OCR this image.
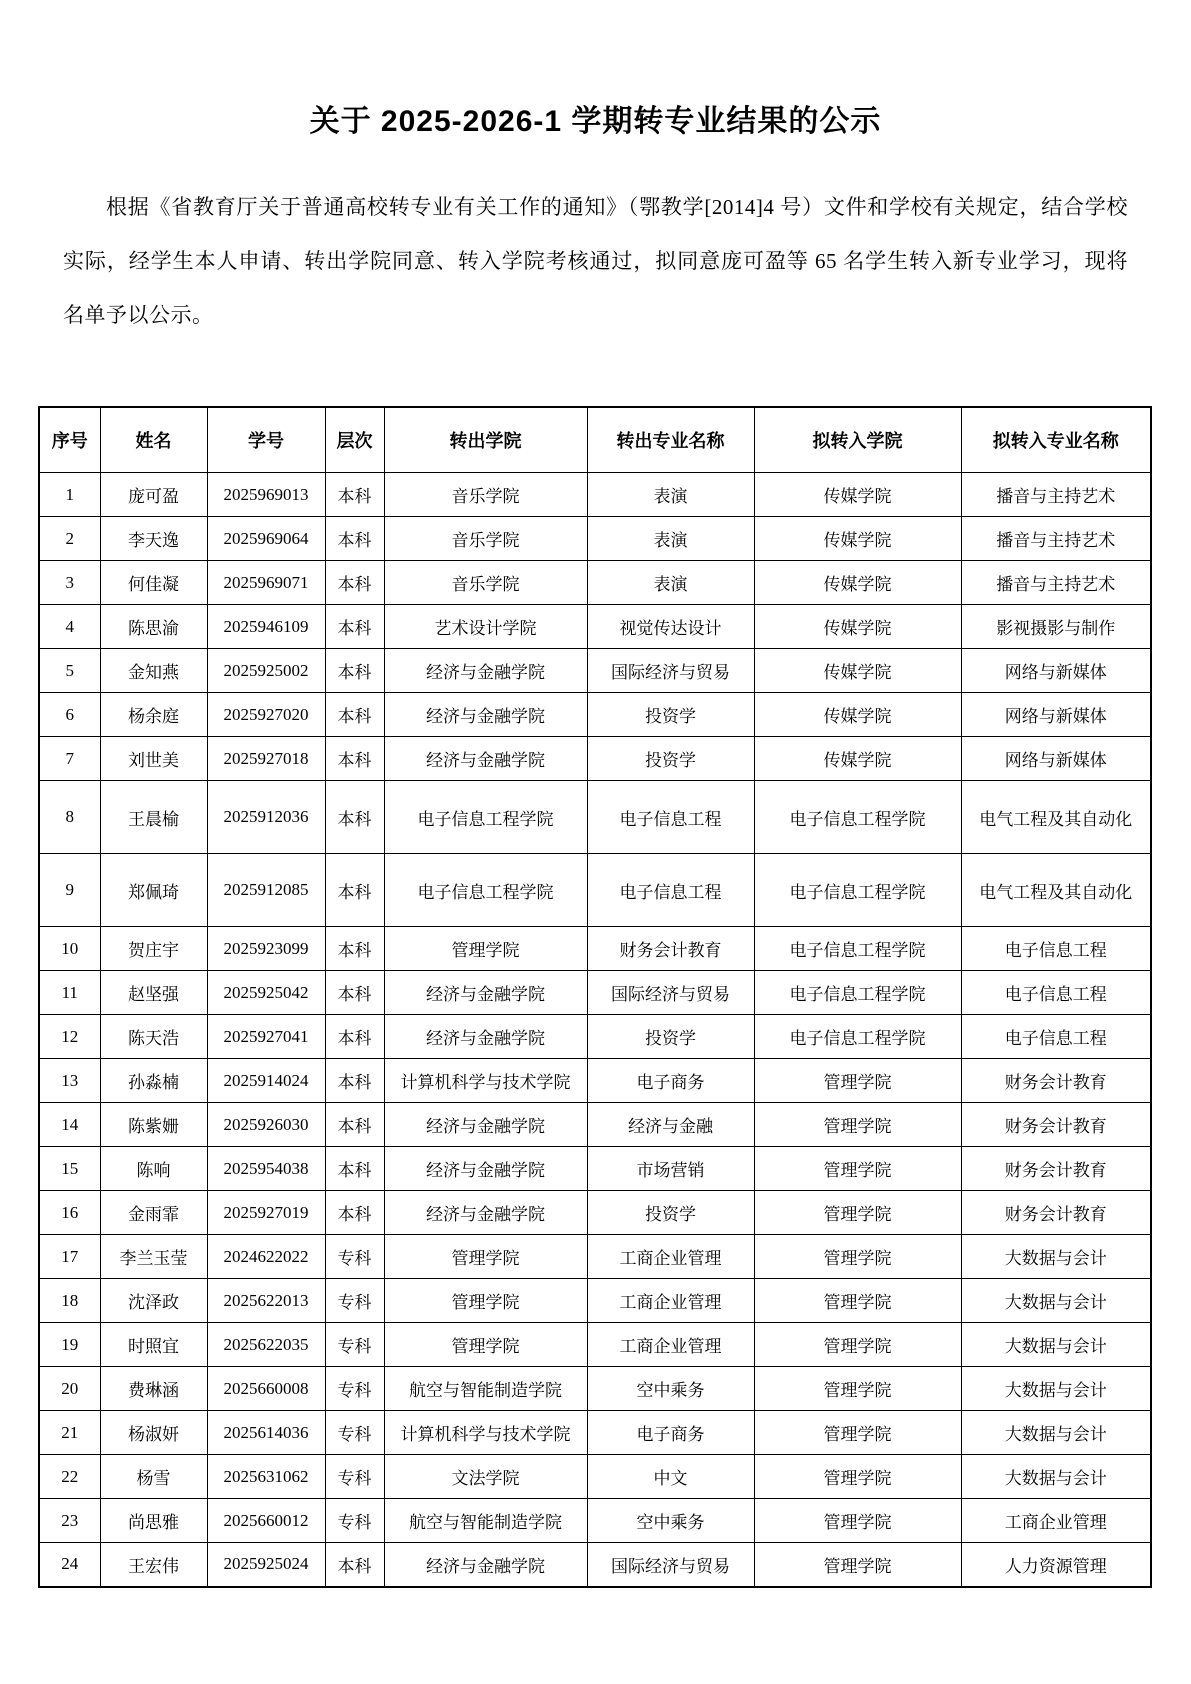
关于 2025-2026-1 学期转专业结果的公示

根据《省教育厅关于普通高校转专业有关工作的通知》（鄂教学[2014]4 号）文件和学校有关规定，结合学校实际，经学生本人申请、转出学院同意、转入学院考核通过，拟同意庞可盈等 65 名学生转入新专业学习，现将名单予以公示。

序号	姓名	学号	层次	转出学院	转出专业名称	拟转入学院	拟转入专业名称
1	庞可盈	2025969013	本科	音乐学院	表演	传媒学院	播音与主持艺术
2	李天逸	2025969064	本科	音乐学院	表演	传媒学院	播音与主持艺术
3	何佳凝	2025969071	本科	音乐学院	表演	传媒学院	播音与主持艺术
4	陈思渝	2025946109	本科	艺术设计学院	视觉传达设计	传媒学院	影视摄影与制作
5	金知燕	2025925002	本科	经济与金融学院	国际经济与贸易	传媒学院	网络与新媒体
6	杨余庭	2025927020	本科	经济与金融学院	投资学	传媒学院	网络与新媒体
7	刘世美	2025927018	本科	经济与金融学院	投资学	传媒学院	网络与新媒体
8	王晨榆	2025912036	本科	电子信息工程学院	电子信息工程	电子信息工程学院	电气工程及其自动化
9	郑佩琦	2025912085	本科	电子信息工程学院	电子信息工程	电子信息工程学院	电气工程及其自动化
10	贺庄宇	2025923099	本科	管理学院	财务会计教育	电子信息工程学院	电子信息工程
11	赵坚强	2025925042	本科	经济与金融学院	国际经济与贸易	电子信息工程学院	电子信息工程
12	陈天浩	2025927041	本科	经济与金融学院	投资学	电子信息工程学院	电子信息工程
13	孙淼楠	2025914024	本科	计算机科学与技术学院	电子商务	管理学院	财务会计教育
14	陈紫姗	2025926030	本科	经济与金融学院	经济与金融	管理学院	财务会计教育
15	陈响	2025954038	本科	经济与金融学院	市场营销	管理学院	财务会计教育
16	金雨霏	2025927019	本科	经济与金融学院	投资学	管理学院	财务会计教育
17	李兰玉莹	2024622022	专科	管理学院	工商企业管理	管理学院	大数据与会计
18	沈泽政	2025622013	专科	管理学院	工商企业管理	管理学院	大数据与会计
19	时照宜	2025622035	专科	管理学院	工商企业管理	管理学院	大数据与会计
20	费琳涵	2025660008	专科	航空与智能制造学院	空中乘务	管理学院	大数据与会计
21	杨淑妍	2025614036	专科	计算机科学与技术学院	电子商务	管理学院	大数据与会计
22	杨雪	2025631062	专科	文法学院	中文	管理学院	大数据与会计
23	尚思雅	2025660012	专科	航空与智能制造学院	空中乘务	管理学院	工商企业管理
24	王宏伟	2025925024	本科	经济与金融学院	国际经济与贸易	管理学院	人力资源管理
